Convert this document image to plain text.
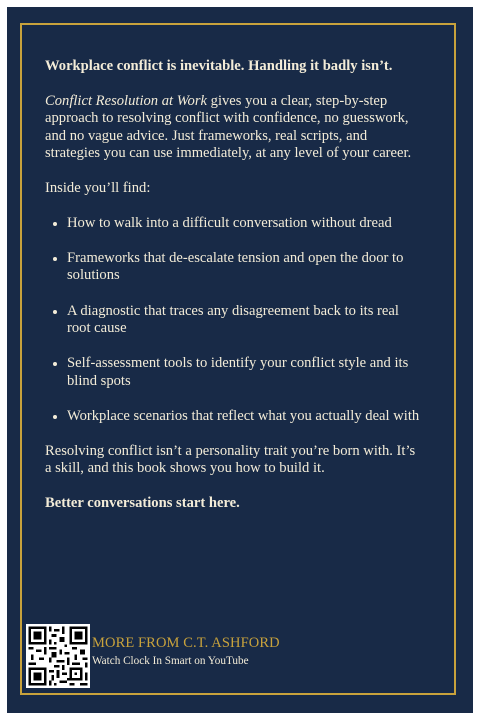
Workplace conflict is inevitable. Handling it badly isn’t.

Conflict Resolution at Work gives you a clear, step-by-step approach to resolving conflict with confidence, no guesswork, and no vague advice. Just frameworks, real scripts, and strategies you can use immediately, at any level of your career.

Inside you’ll find:

How to walk into a difficult conversation without dread
Frameworks that de-escalate tension and open the door to solutions
A diagnostic that traces any disagreement back to its real root cause
Self-assessment tools to identify your conflict style and its blind spots
Workplace scenarios that reflect what you actually deal with

Resolving conflict isn’t a personality trait you’re born with. It’s a skill, and this book shows you how to build it.

Better conversations start here.

MORE FROM C.T. ASHFORD
Watch Clock In Smart on YouTube
